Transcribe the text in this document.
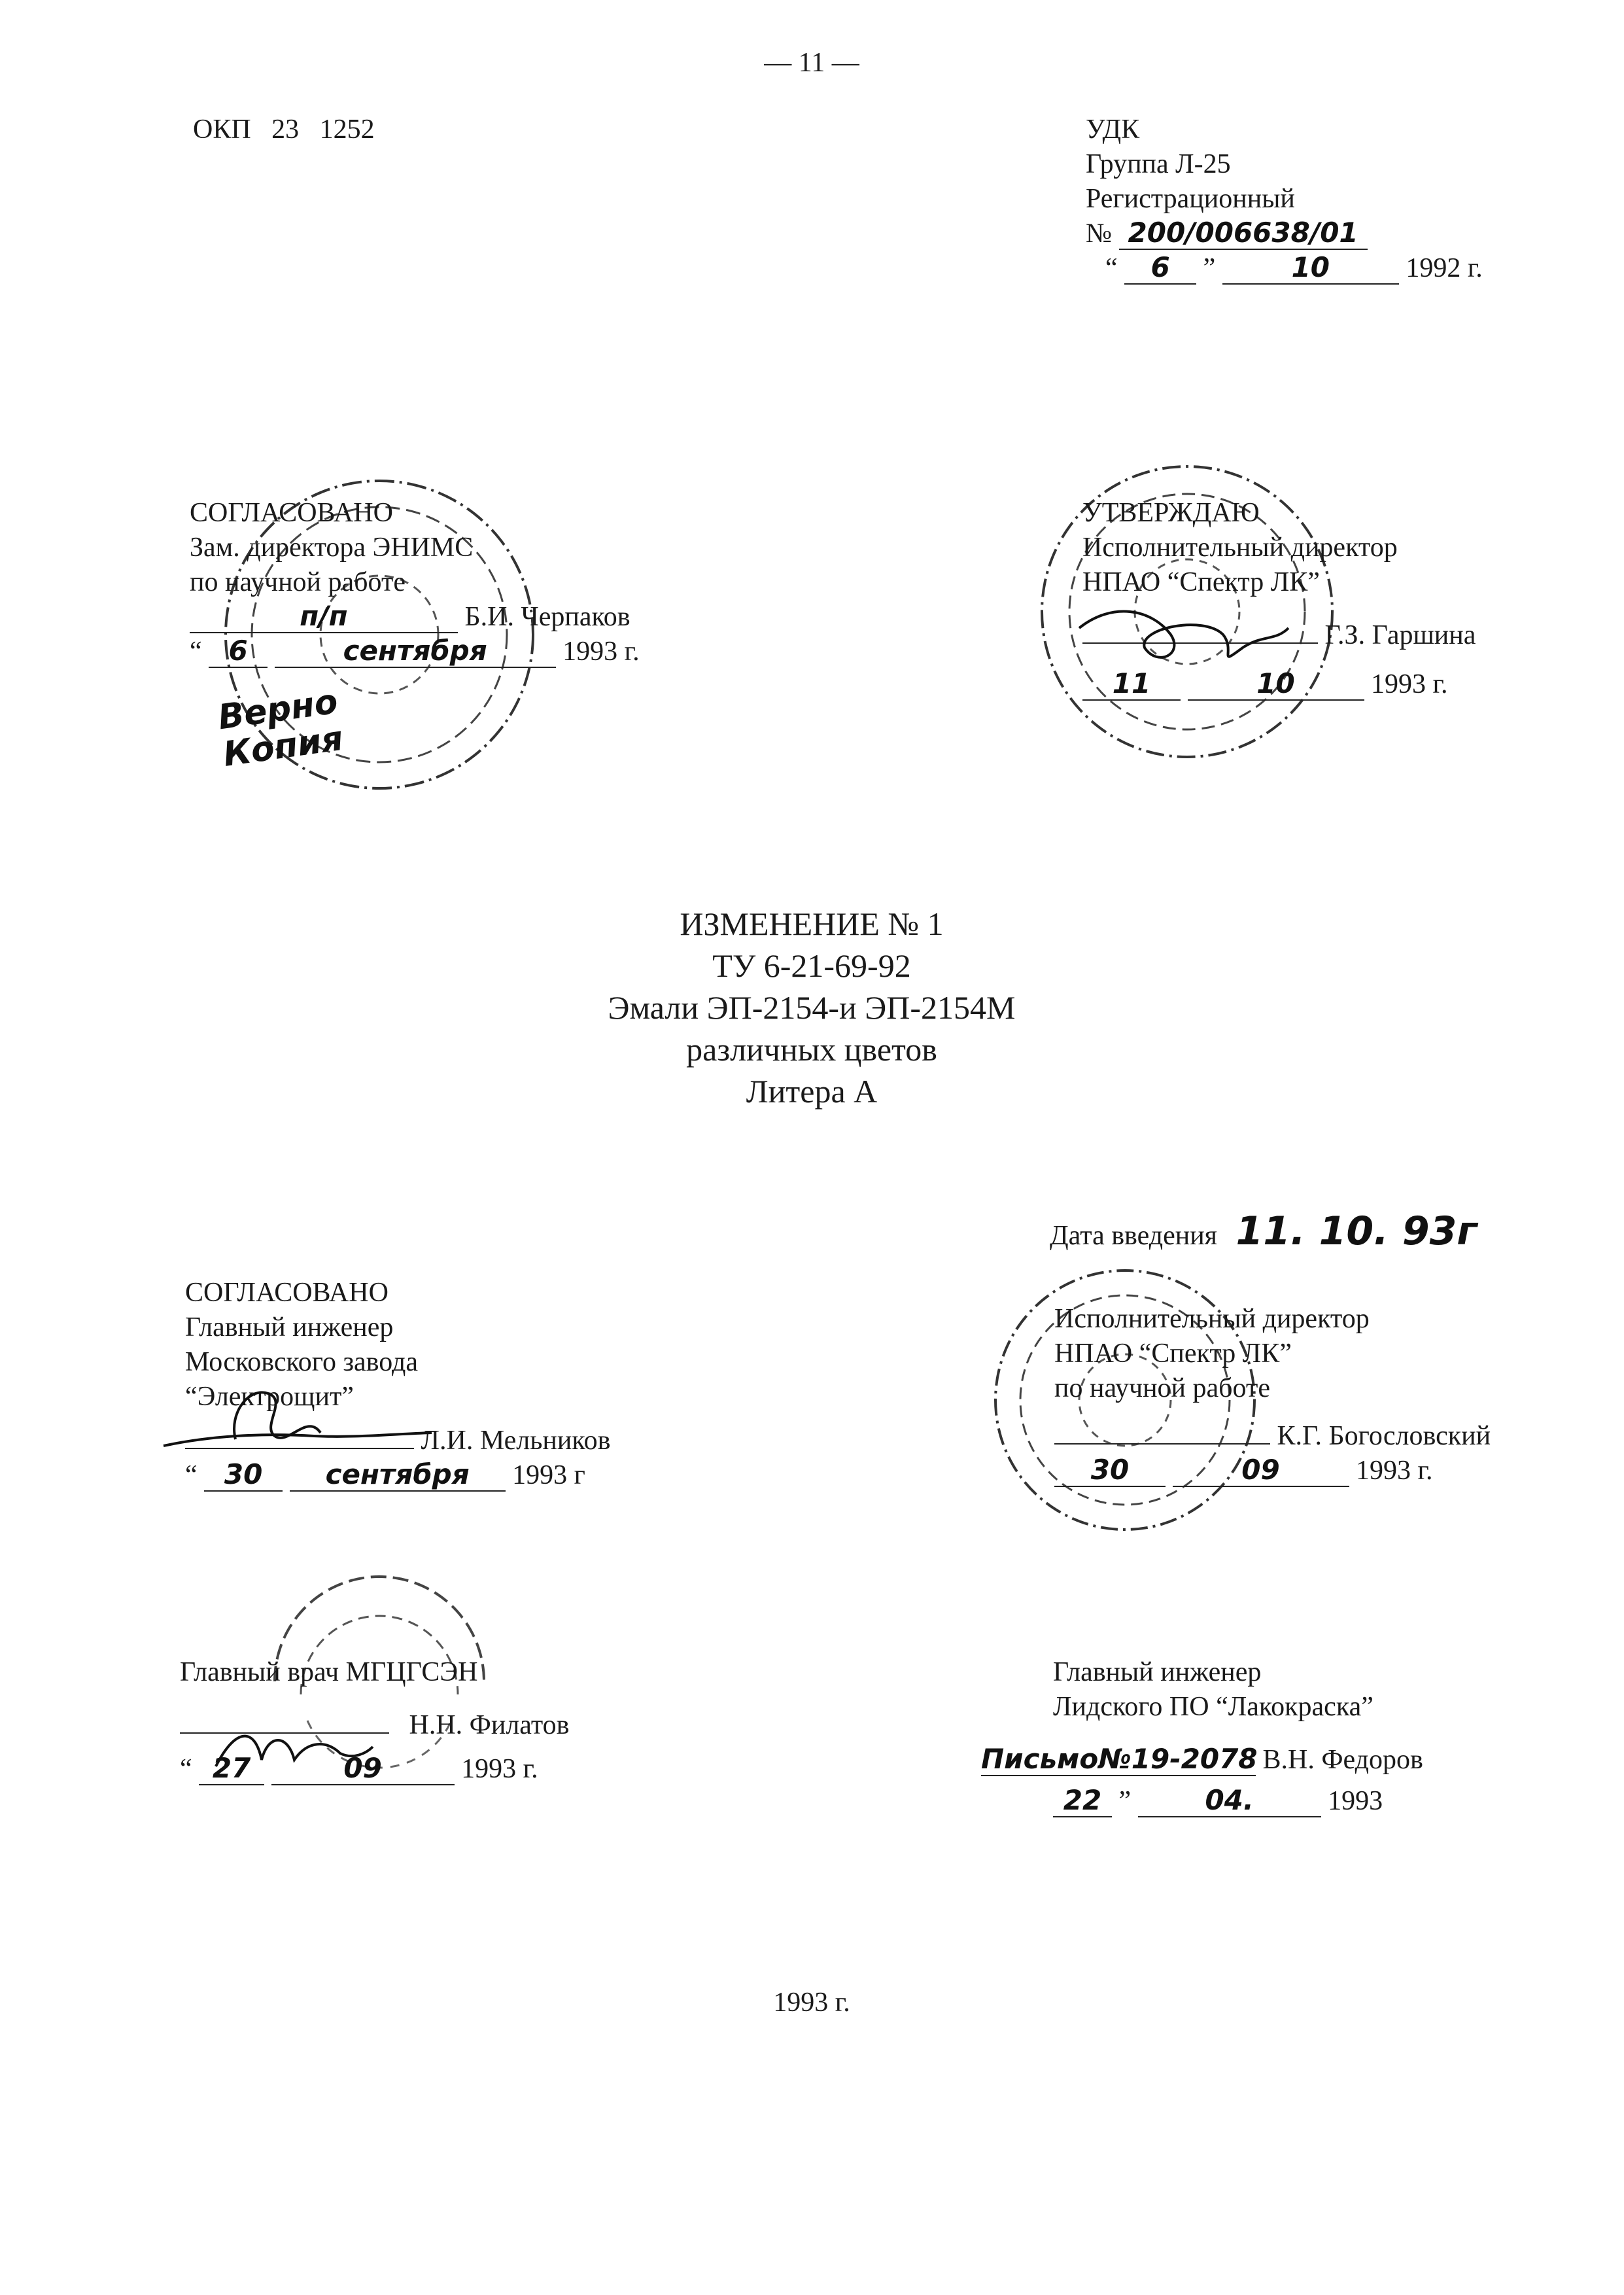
— 11 —
ОКП   23   1252	УДК
Группа Л-25
Регистрационный
№ 200/006638/01
“ 6 ”	10	1992 г.
СОГЛАСОВАНО
Зам. директора ЭНИМС
по научной работе
п/п	Б.И. Черпаков
“ 6	сентября	1993 г.
Верно Копия
УТВЕРЖДАЮ
Исполнительный директор
НПАО “Спектр ЛК”
Г.З. Гаршина
11	10	1993 г.
ИЗМЕНЕНИЕ № 1
ТУ 6-21-69-92
Эмали ЭП-2154-и ЭП-2154М
различных цветов
Литера А
Дата введения 11. 10. 93г
СОГЛАСОВАНО
Главный инженер
Московского завода
“Электрощит”
Л.И. Мельников
“ 30 сентября 1993 г
Исполнительный директор
НПАО “Спектр ЛК”
по научной работе
К.Г. Богословский
30	09	1993 г.
Главный врач МГЦГСЭН
Н.Н. Филатов
“ 27	09	1993 г.
Главный инженер
Лидского ПО “Лакокраска”
Письмо№19-2078 В.Н. Федоров
22 ”	04.	1993
1993 г.
